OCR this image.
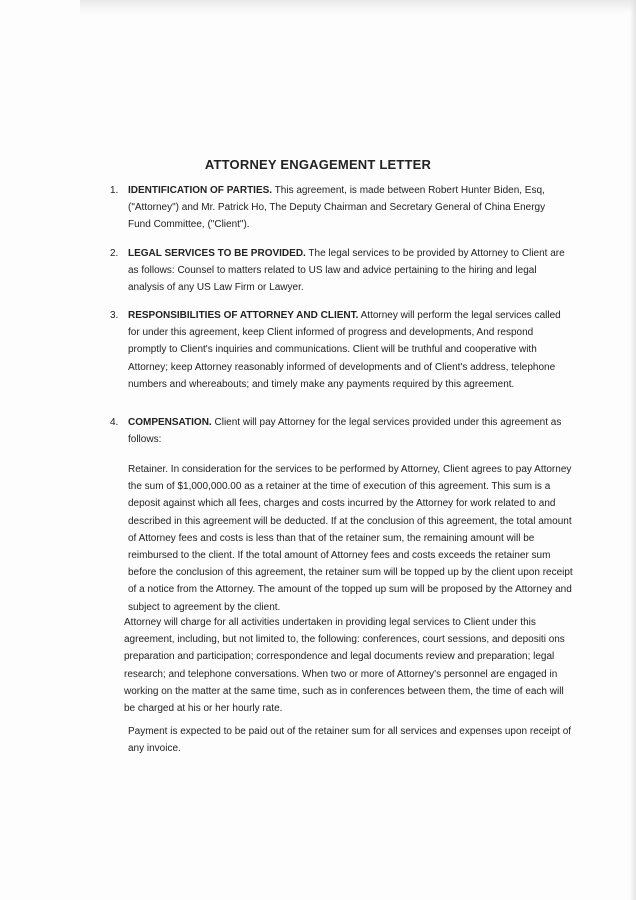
ATTORNEY ENGAGEMENT LETTER
1. IDENTIFICATION OF PARTIES. This agreement, is made between Robert Hunter Biden, Esq, ("Attorney") and Mr. Patrick Ho, The Deputy Chairman and Secretary General of China Energy Fund Committee, ("Client").
2. LEGAL SERVICES TO BE PROVIDED. The legal services to be provided by Attorney to Client are as follows: Counsel to matters related to US law and advice pertaining to the hiring and legal analysis of any US Law Firm or Lawyer.
3. RESPONSIBILITIES OF ATTORNEY AND CLIENT. Attorney will perform the legal services called for under this agreement, keep Client informed of progress and developments, And respond promptly to Client's inquiries and communications. Client will be truthful and cooperative with Attorney; keep Attorney reasonably informed of developments and of Client's address, telephone numbers and whereabouts; and timely make any payments required by this agreement.
4. COMPENSATION. Client will pay Attorney for the legal services provided under this agreement as follows:
Retainer. In consideration for the services to be performed by Attorney, Client agrees to pay Attorney the sum of $1,000,000.00 as a retainer at the time of execution of this agreement. This sum is a deposit against which all fees, charges and costs incurred by the Attorney for work related to and described in this agreement will be deducted. If at the conclusion of this agreement, the total amount of Attorney fees and costs is less than that of the retainer sum, the remaining amount will be reimbursed to the client. If the total amount of Attorney fees and costs exceeds the retainer sum before the conclusion of this agreement, the retainer sum will be topped up by the client upon receipt of a notice from the Attorney. The amount of the topped up sum will be proposed by the Attorney and subject to agreement by the client.
Attorney will charge for all activities undertaken in providing legal services to Client under this agreement, including, but not limited to, the following: conferences, court sessions, and depositi ons preparation and participation; correspondence and legal documents review and preparation; legal research; and telephone conversations. When two or more of Attorney's personnel are engaged in working on the matter at the same time, such as in conferences between them, the time of each will be charged at his or her hourly rate.
Payment is expected to be paid out of the retainer sum for all services and expenses upon receipt of any invoice.
